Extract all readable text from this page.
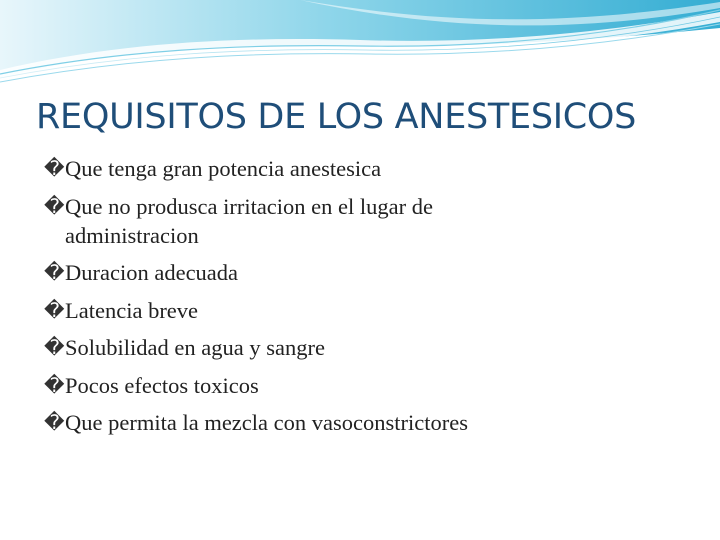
REQUISITOS DE LOS ANESTESICOS
� Que tenga gran potencia anestesica
� Que no produsca irritacion en el lugar de administracion
� Duracion adecuada
� Latencia breve
� Solubilidad en agua y sangre
� Pocos efectos toxicos
� Que permita la mezcla con vasoconstrictores
